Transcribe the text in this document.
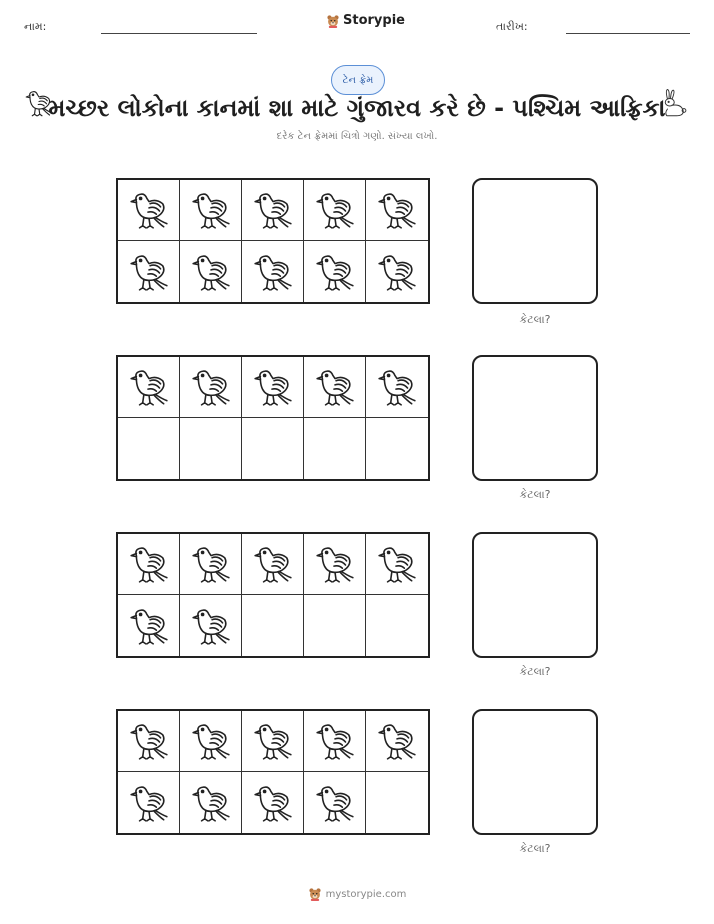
નામ:	Storypie	તારીખ:
ટેન ફ્રેમ
મચ્છર લોકોના કાનમાં શા માટે ગુંજારવ કરે છે - પશ્ચિમ આફ્રિકા
દરેક ટેન ફ્રેમમાં ચિત્રો ગણો. સંખ્યા લખો.
કેટલા?
કેટલા?
કેટલા?
કેટલા?
mystorypie.com
